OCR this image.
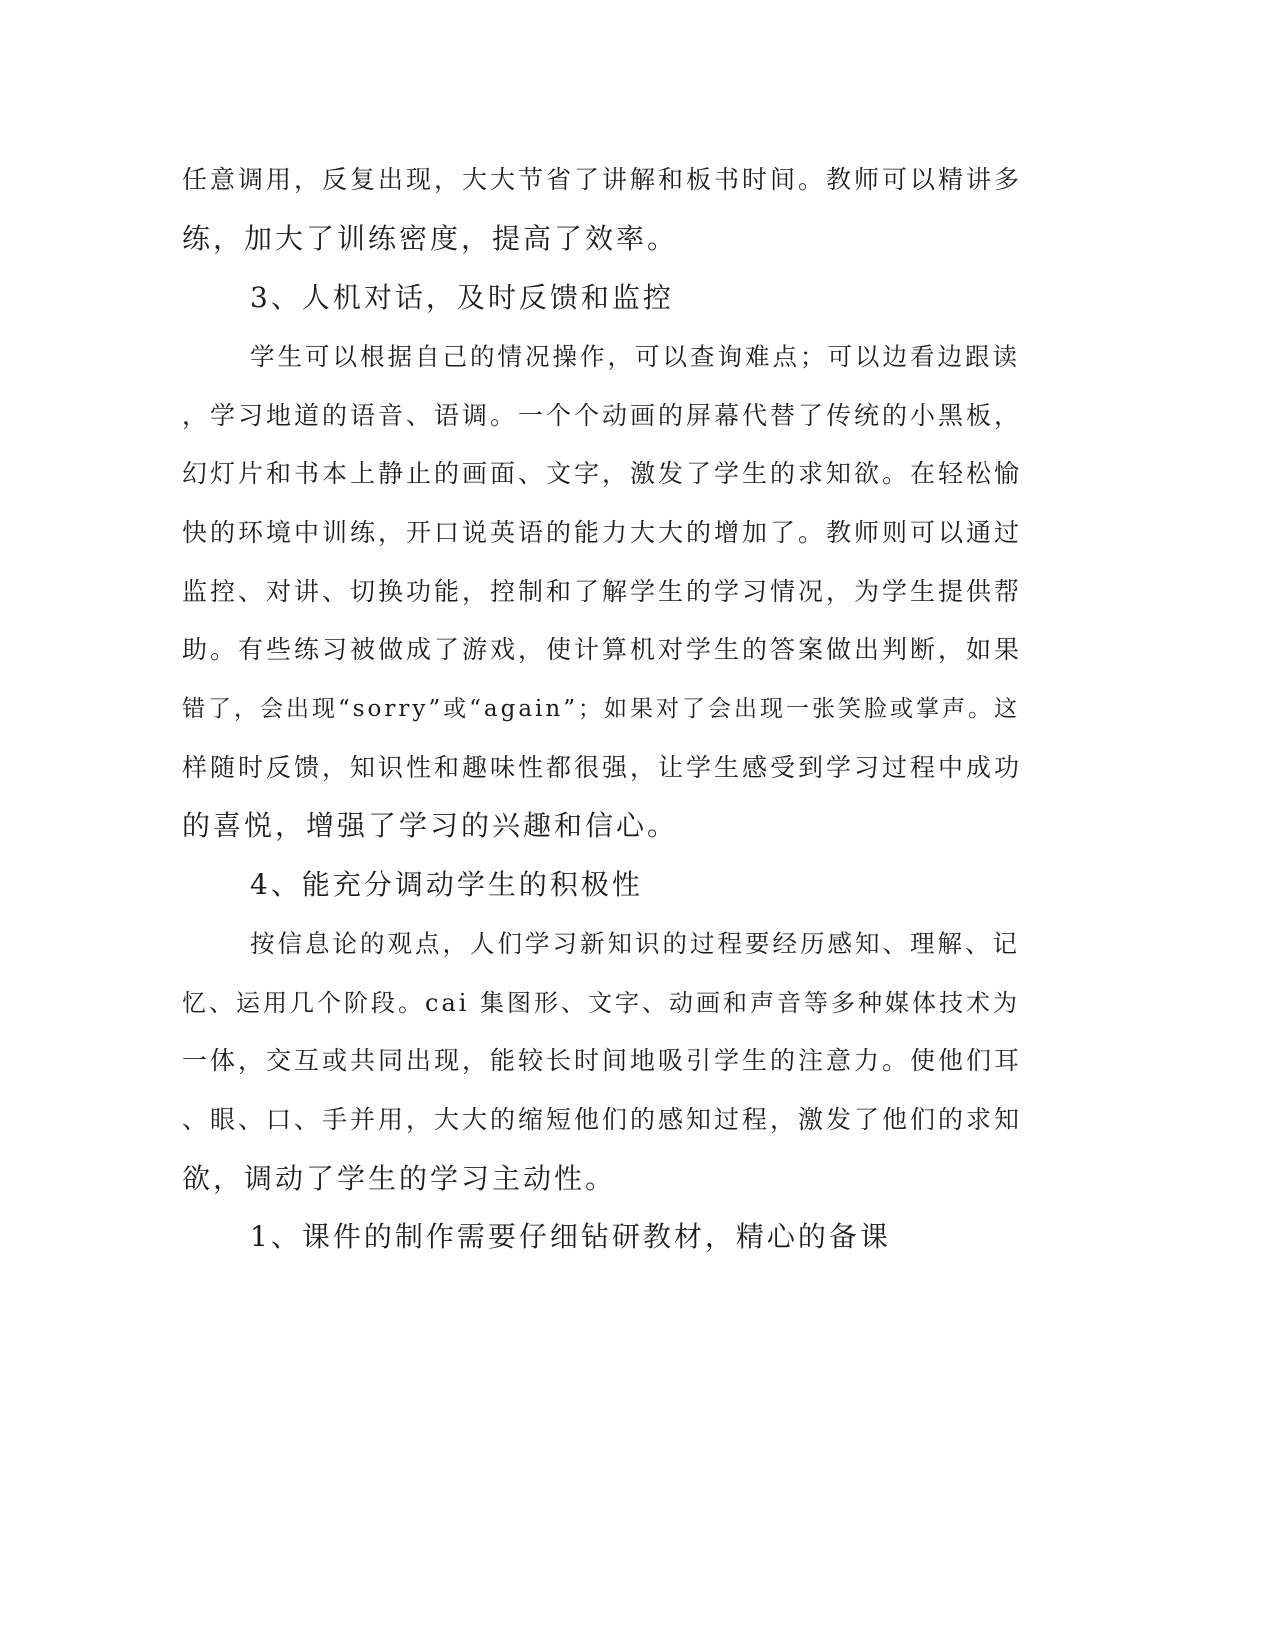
任意调用，反复出现，大大节省了讲解和板书时间。教师可以精讲多
练，加大了训练密度，提高了效率。
3、人机对话，及时反馈和监控
学生可以根据自己的情况操作，可以查询难点；可以边看边跟读
，学习地道的语音、语调。一个个动画的屏幕代替了传统的小黑板，
幻灯片和书本上静止的画面、文字，激发了学生的求知欲。在轻松愉
快的环境中训练，开口说英语的能力大大的增加了。教师则可以通过
监控、对讲、切换功能，控制和了解学生的学习情况，为学生提供帮
助。有些练习被做成了游戏，使计算机对学生的答案做出判断，如果
错了，会出现“sorry”或“again”；如果对了会出现一张笑脸或掌声。这
样随时反馈，知识性和趣味性都很强，让学生感受到学习过程中成功
的喜悦，增强了学习的兴趣和信心。
4、能充分调动学生的积极性
按信息论的观点，人们学习新知识的过程要经历感知、理解、记
忆、运用几个阶段。cai 集图形、文字、动画和声音等多种媒体技术为
一体，交互或共同出现，能较长时间地吸引学生的注意力。使他们耳
、眼、口、手并用，大大的缩短他们的感知过程，激发了他们的求知
欲，调动了学生的学习主动性。
1、课件的制作需要仔细钻研教材，精心的备课
